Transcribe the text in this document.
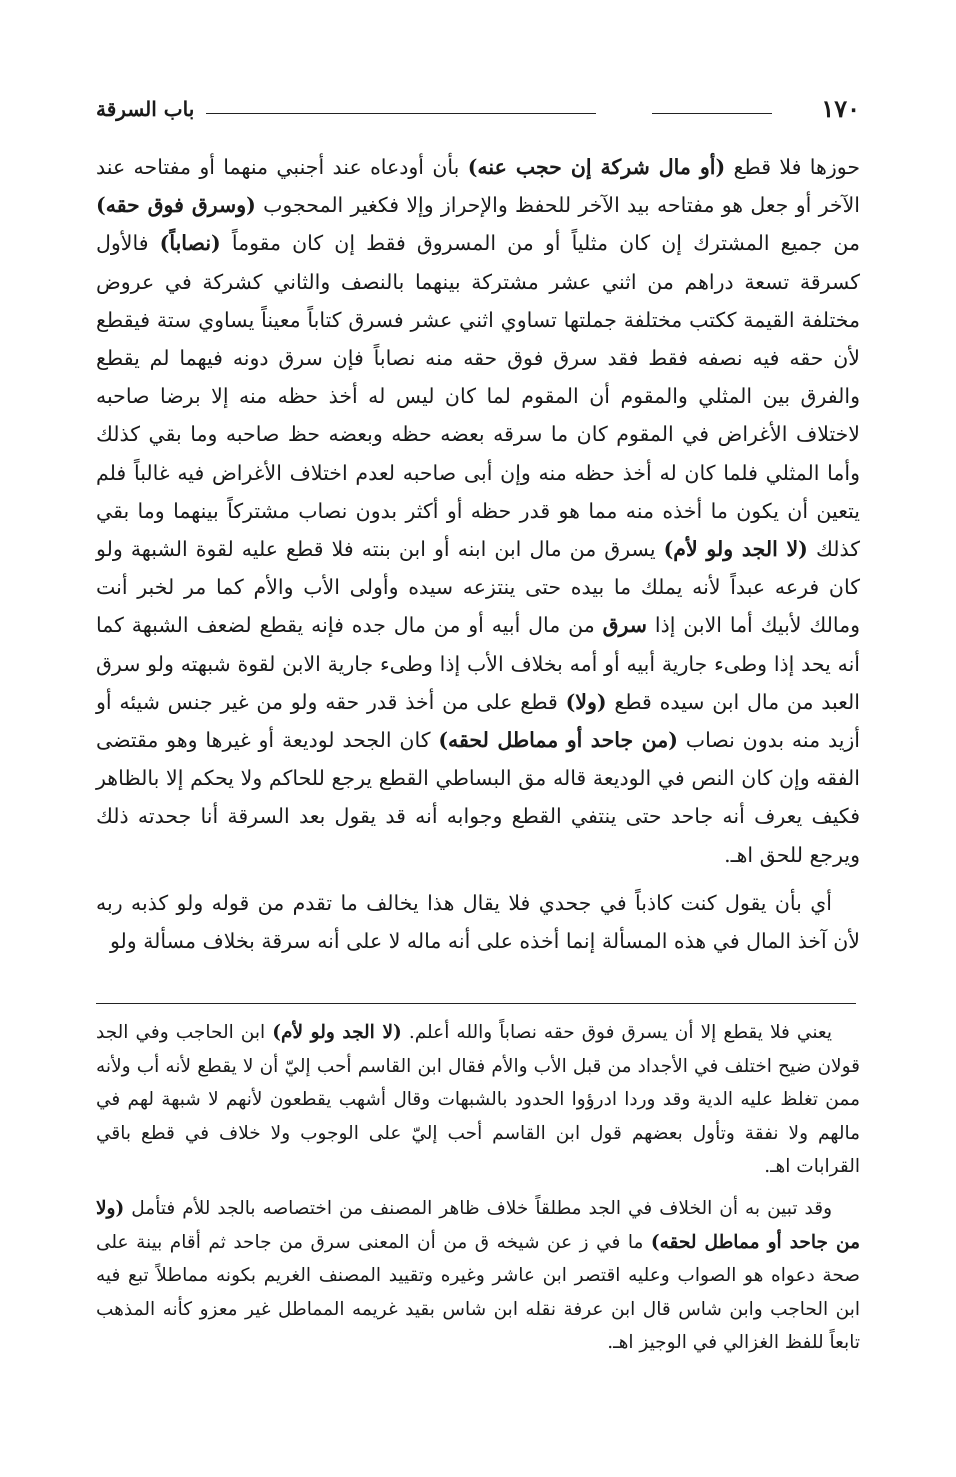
١٧٠
باب السرقة

حوزها فلا قطع (أو مال شركة إن حجب عنه) بأن أودعاه عند أجنبي منهما أو مفتاحه عند الآخر أو جعل هو مفتاحه بيد الآخر للحفظ والإحراز وإلا فكغير المحجوب (وسرق فوق حقه) من جميع المشترك إن كان مثلياً أو من المسروق فقط إن كان مقوماً (نصاباً) فالأول كسرقة تسعة دراهم من اثني عشر مشتركة بينهما بالنصف والثاني كشركة في عروض مختلفة القيمة ككتب مختلفة جملتها تساوي اثني عشر فسرق كتاباً معيناً يساوي ستة فيقطع لأن حقه فيه نصفه فقط فقد سرق فوق حقه منه نصاباً فإن سرق دونه فيهما لم يقطع والفرق بين المثلي والمقوم أن المقوم لما كان ليس له أخذ حظه منه إلا برضا صاحبه لاختلاف الأغراض في المقوم كان ما سرقه بعضه حظه وبعضه حظ صاحبه وما بقي كذلك وأما المثلي فلما كان له أخذ حظه منه وإن أبى صاحبه لعدم اختلاف الأغراض فيه غالباً فلم يتعين أن يكون ما أخذه منه مما هو قدر حظه أو أكثر بدون نصاب مشتركاً بينهما وما بقي كذلك (لا الجد ولو لأم) يسرق من مال ابن ابنه أو ابن بنته فلا قطع عليه لقوة الشبهة ولو كان فرعه عبداً لأنه يملك ما بيده حتى ينتزعه سيده وأولى الأب والأم كما مر لخبر أنت ومالك لأبيك أما الابن إذا سرق من مال أبيه أو من مال جده فإنه يقطع لضعف الشبهة كما أنه يحد إذا وطىء جارية أبيه أو أمه بخلاف الأب إذا وطىء جارية الابن لقوة شبهته ولو سرق العبد من مال ابن سيده قطع (ولا) قطع على من أخذ قدر حقه ولو من غير جنس شيئه أو أزيد منه بدون نصاب (من جاحد أو مماطل لحقه) كان الجحد لوديعة أو غيرها وهو مقتضى الفقه وإن كان النص في الوديعة قاله مق البساطي القطع يرجع للحاكم ولا يحكم إلا بالظاهر فكيف يعرف أنه جاحد حتى ينتفي القطع وجوابه أنه قد يقول بعد السرقة أنا جحدته ذلك ويرجع للحق اهـ.

أي بأن يقول كنت كاذباً في جحدي فلا يقال هذا يخالف ما تقدم من قوله ولو كذبه ربه لأن آخذ المال في هذه المسألة إنما أخذه على أنه ماله لا على أنه سرقة بخلاف مسألة ولو

يعني فلا يقطع إلا أن يسرق فوق حقه نصاباً والله أعلم. (لا الجد ولو لأم) ابن الحاجب وفي الجد قولان ضيح اختلف في الأجداد من قبل الأب والأم فقال ابن القاسم أحب إليّ أن لا يقطع لأنه أب ولأنه ممن تغلظ عليه الدية وقد وردا ادرؤوا الحدود بالشبهات وقال أشهب يقطعون لأنهم لا شبهة لهم في مالهم ولا نفقة وتأول بعضهم قول ابن القاسم أحب إليّ على الوجوب ولا خلاف في قطع باقي القرابات اهـ.

وقد تبين به أن الخلاف في الجد مطلقاً خلاف ظاهر المصنف من اختصاصه بالجد للأم فتأمل (ولا من جاحد أو مماطل لحقه) ما في ز عن شيخه ق من أن المعنى سرق من جاحد ثم أقام بينة على صحة دعواه هو الصواب وعليه اقتصر ابن عاشر وغيره وتقييد المصنف الغريم بكونه مماطلاً تبع فيه ابن الحاجب وابن شاس قال ابن عرفة نقله ابن شاس بقيد غريمه المماطل غير معزو كأنه المذهب تابعاً للفظ الغزالي في الوجيز اهـ.
